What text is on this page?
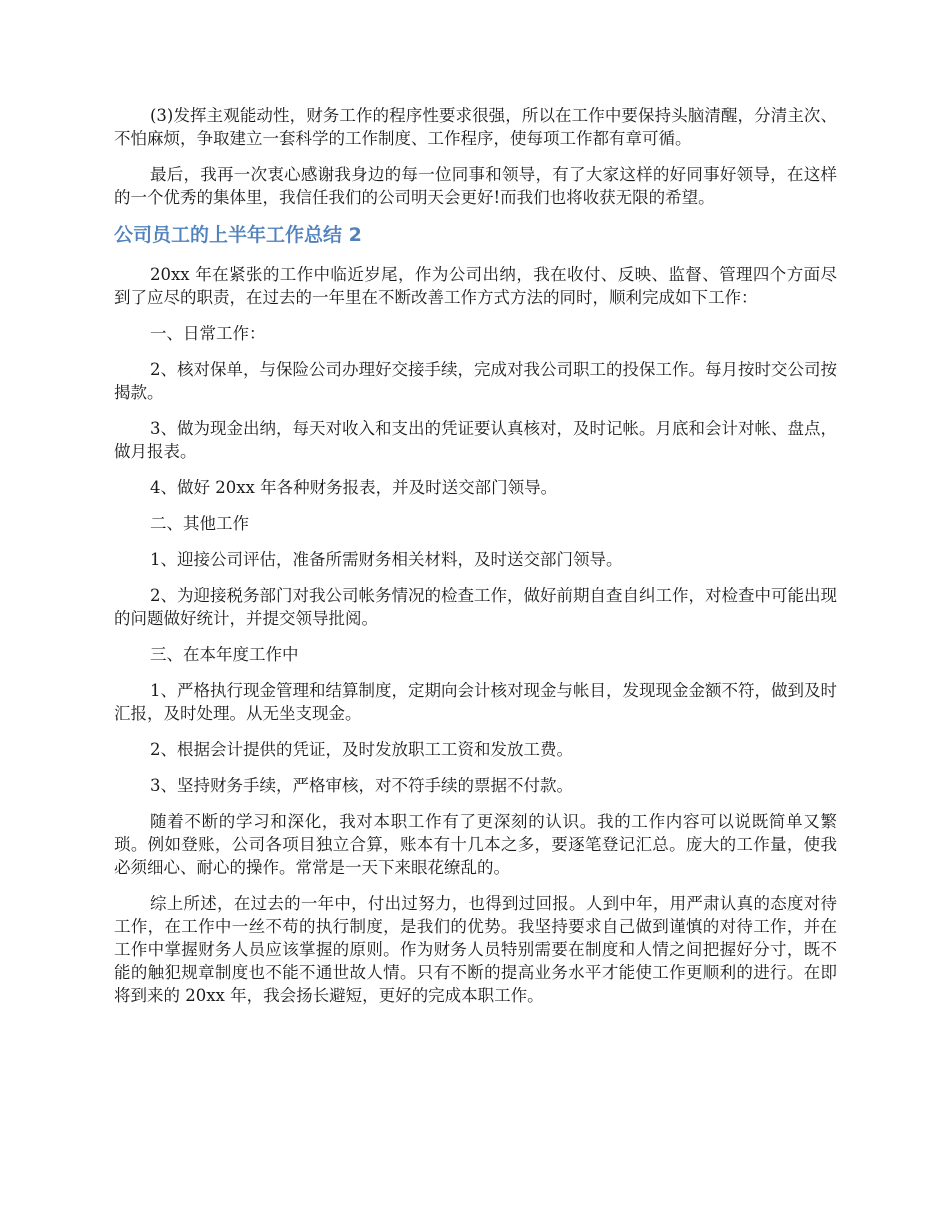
(3)发挥主观能动性，财务工作的程序性要求很强，所以在工作中要保持头脑清醒，分清主次、不怕麻烦，争取建立一套科学的工作制度、工作程序，使每项工作都有章可循。

最后，我再一次衷心感谢我身边的每一位同事和领导，有了大家这样的好同事好领导，在这样的一个优秀的集体里，我信任我们的公司明天会更好!而我们也将收获无限的希望。

公司员工的上半年工作总结 2

20xx 年在紧张的工作中临近岁尾，作为公司出纳，我在收付、反映、监督、管理四个方面尽到了应尽的职责，在过去的一年里在不断改善工作方式方法的同时，顺利完成如下工作：

一、日常工作：

2、核对保单，与保险公司办理好交接手续，完成对我公司职工的投保工作。每月按时交公司按揭款。

3、做为现金出纳，每天对收入和支出的凭证要认真核对，及时记帐。月底和会计对帐、盘点，做月报表。

4、做好 20xx 年各种财务报表，并及时送交部门领导。

二、其他工作

1、迎接公司评估，准备所需财务相关材料，及时送交部门领导。

2、为迎接税务部门对我公司帐务情况的检查工作，做好前期自查自纠工作，对检查中可能出现的问题做好统计，并提交领导批阅。

三、在本年度工作中

1、严格执行现金管理和结算制度，定期向会计核对现金与帐目，发现现金金额不符，做到及时汇报，及时处理。从无坐支现金。

2、根据会计提供的凭证，及时发放职工工资和发放工费。

3、坚持财务手续，严格审核，对不符手续的票据不付款。

随着不断的学习和深化，我对本职工作有了更深刻的认识。我的工作内容可以说既简单又繁琐。例如登账，公司各项目独立合算，账本有十几本之多，要逐笔登记汇总。庞大的工作量，使我必须细心、耐心的操作。常常是一天下来眼花缭乱的。

综上所述，在过去的一年中，付出过努力，也得到过回报。人到中年，用严肃认真的态度对待工作，在工作中一丝不苟的执行制度，是我们的优势。我坚持要求自己做到谨慎的对待工作，并在工作中掌握财务人员应该掌握的原则。作为财务人员特别需要在制度和人情之间把握好分寸，既不能的触犯规章制度也不能不通世故人情。只有不断的提高业务水平才能使工作更顺利的进行。在即将到来的 20xx 年，我会扬长避短，更好的完成本职工作。
